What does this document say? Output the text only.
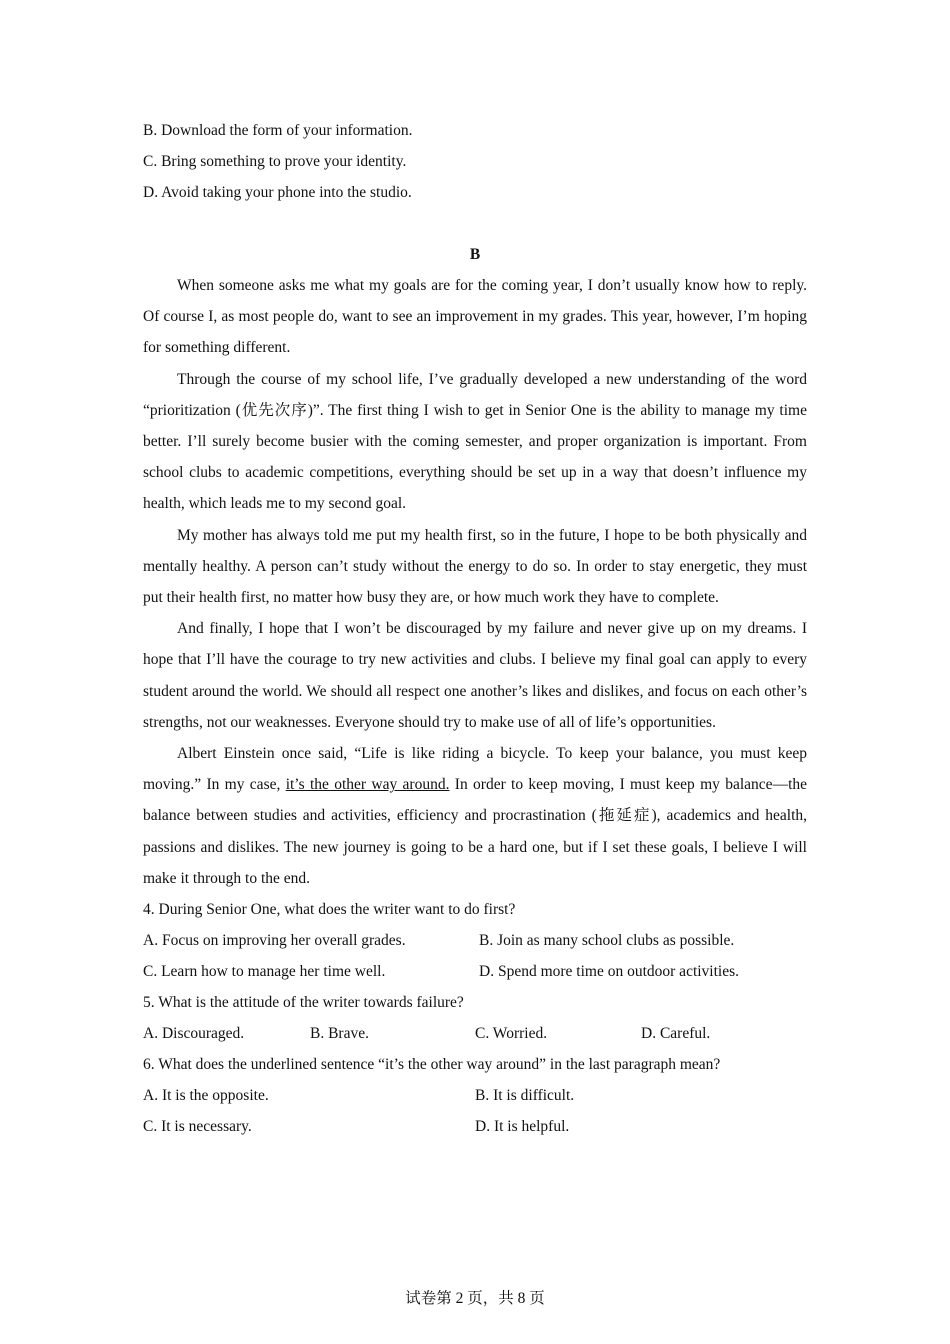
B. Download the form of your information.
C. Bring something to prove your identity.
D. Avoid taking your phone into the studio.
B

When someone asks me what my goals are for the coming year, I don’t usually know how to reply. Of course I, as most people do, want to see an improvement in my grades. This year, however, I’m hoping for something different.

Through the course of my school life, I’ve gradually developed a new understanding of the word “prioritization (优先次序)”. The first thing I wish to get in Senior One is the ability to manage my time better. I’ll surely become busier with the coming semester, and proper organization is important. From school clubs to academic competitions, everything should be set up in a way that doesn’t influence my health, which leads me to my second goal.

My mother has always told me put my health first, so in the future, I hope to be both physically and mentally healthy. A person can’t study without the energy to do so. In order to stay energetic, they must put their health first, no matter how busy they are, or how much work they have to complete.

And finally, I hope that I won’t be discouraged by my failure and never give up on my dreams. I hope that I’ll have the courage to try new activities and clubs. I believe my final goal can apply to every student around the world. We should all respect one another’s likes and dislikes, and focus on each other’s strengths, not our weaknesses. Everyone should try to make use of all of life’s opportunities.

Albert Einstein once said, “Life is like riding a bicycle. To keep your balance, you must keep moving.” In my case, it’s the other way around. In order to keep moving, I must keep my balance—the balance between studies and activities, efficiency and procrastination (拖延症), academics and health, passions and dislikes. The new journey is going to be a hard one, but if I set these goals, I believe I will make it through to the end.

4. During Senior One, what does the writer want to do first?
A. Focus on improving her overall grades.	B. Join as many school clubs as possible.
C. Learn how to manage her time well.	D. Spend more time on outdoor activities.
5. What is the attitude of the writer towards failure?
A. Discouraged.	B. Brave.	C. Worried.	D. Careful.
6. What does the underlined sentence “it’s the other way around” in the last paragraph mean?
A. It is the opposite.	B. It is difficult.
C. It is necessary.	D. It is helpful.
试卷第 2 页，共 8 页
